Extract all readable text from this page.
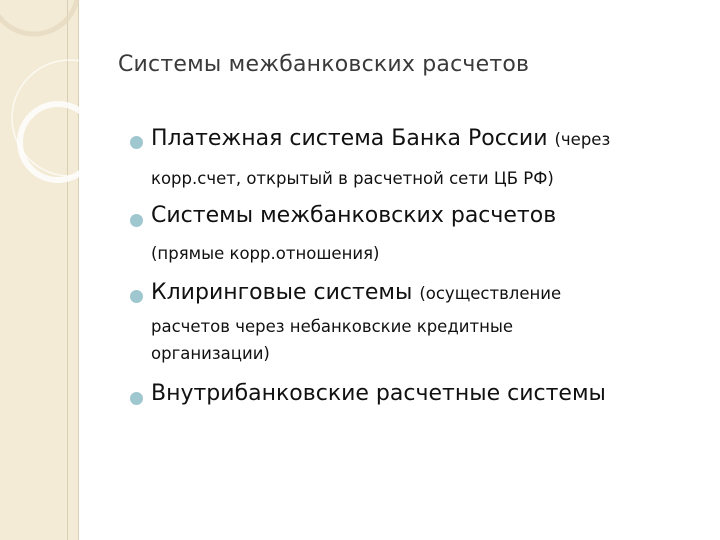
Системы межбанковских расчетов
Платежная система Банка России (через
корр.счет, открытый в расчетной сети ЦБ РФ)
Системы межбанковских расчетов
(прямые корр.отношения)
Клиринговые системы (осуществление
расчетов через небанковские кредитные
организации)
Внутрибанковские расчетные системы
